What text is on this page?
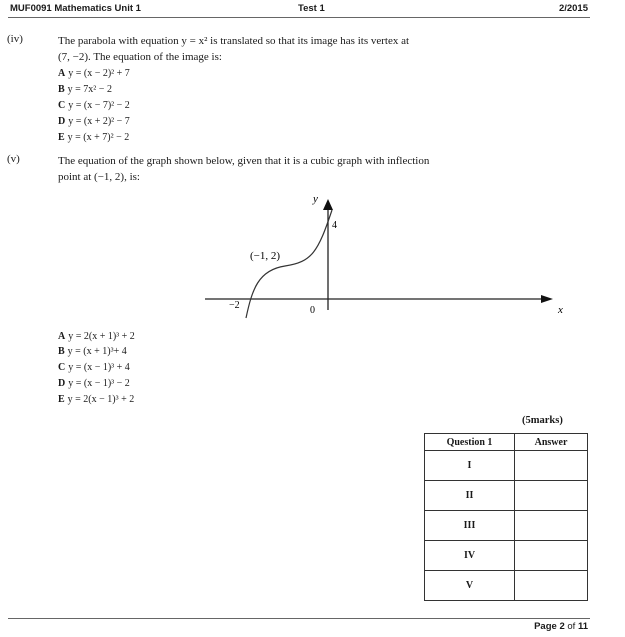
MUF0091 Mathematics Unit 1	Test 1	2/2015
(iv)	The parabola with equation y = x² is translated so that its image has its vertex at
(7, −2). The equation of the image is:
A y = (x − 2)² + 7
B y = 7x² − 2
C y = (x − 7)² − 2
D y = (x + 2)² − 7
E y = (x + 7)² − 2
(v)	The equation of the graph shown below, given that it is a cubic graph with inflection
point at (−1, 2), is:
y
x
4
−2	0
(−1, 2)
A y = 2(x + 1)³ + 2
B y = (x + 1)³+ 4
C y = (x − 1)³ + 4
D y = (x − 1)³ − 2
E y = 2(x − 1)³ + 2
(5marks)
Question 1	Answer
I	
II	
III	
IV	
V	
Page 2 of 11
